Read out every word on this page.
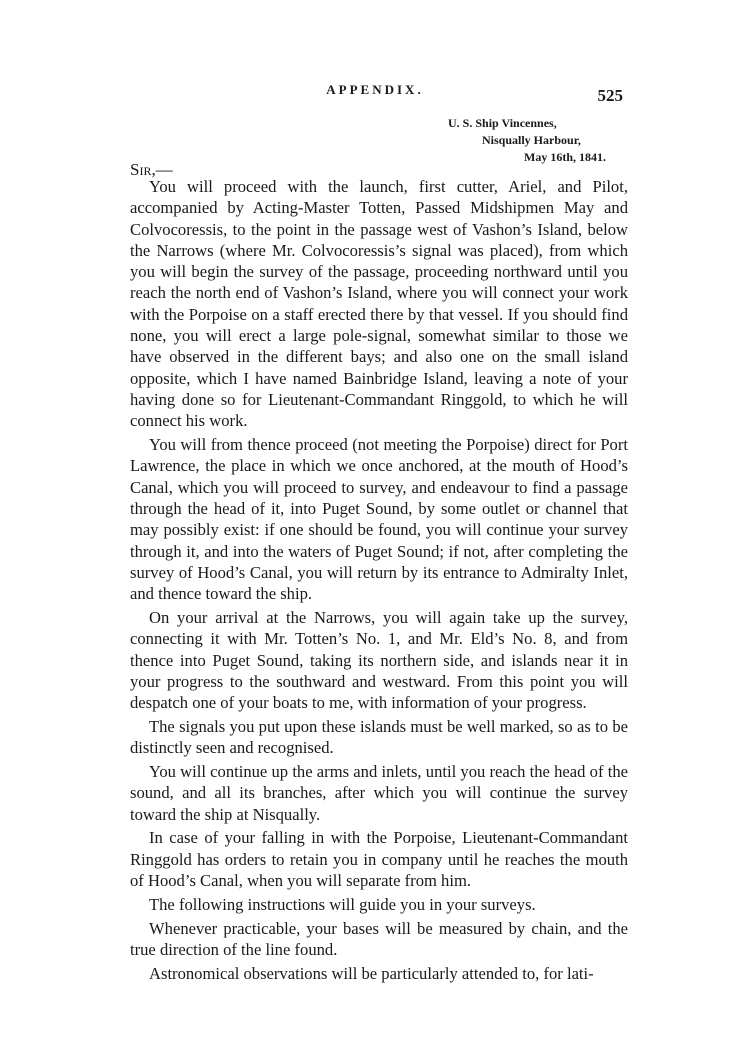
APPENDIX.	525
U. S. Ship Vincennes,
Nisqually Harbour,
May 16th, 1841.
Sir,—

You will proceed with the launch, first cutter, Ariel, and Pilot, accompanied by Acting-Master Totten, Passed Midshipmen May and Colvocoressis, to the point in the passage west of Vashon’s Island, below the Narrows (where Mr. Colvocoressis’s signal was placed), from which you will begin the survey of the passage, proceeding northward until you reach the north end of Vashon’s Island, where you will connect your work with the Porpoise on a staff erected there by that vessel. If you should find none, you will erect a large pole-signal, somewhat similar to those we have observed in the different bays; and also one on the small island opposite, which I have named Bainbridge Island, leaving a note of your having done so for Lieutenant-Commandant Ringgold, to which he will connect his work.

You will from thence proceed (not meeting the Porpoise) direct for Port Lawrence, the place in which we once anchored, at the mouth of Hood’s Canal, which you will proceed to survey, and endeavour to find a passage through the head of it, into Puget Sound, by some outlet or channel that may possibly exist: if one should be found, you will continue your survey through it, and into the waters of Puget Sound; if not, after completing the survey of Hood’s Canal, you will return by its entrance to Admiralty Inlet, and thence toward the ship.

On your arrival at the Narrows, you will again take up the survey, connecting it with Mr. Totten’s No. 1, and Mr. Eld’s No. 8, and from thence into Puget Sound, taking its northern side, and islands near it in your progress to the southward and westward. From this point you will despatch one of your boats to me, with information of your progress.

The signals you put upon these islands must be well marked, so as to be distinctly seen and recognised.

You will continue up the arms and inlets, until you reach the head of the sound, and all its branches, after which you will continue the survey toward the ship at Nisqually.

In case of your falling in with the Porpoise, Lieutenant-Commandant Ringgold has orders to retain you in company until he reaches the mouth of Hood’s Canal, when you will separate from him.

The following instructions will guide you in your surveys.

Whenever practicable, your bases will be measured by chain, and the true direction of the line found.

Astronomical observations will be particularly attended to, for lati-
